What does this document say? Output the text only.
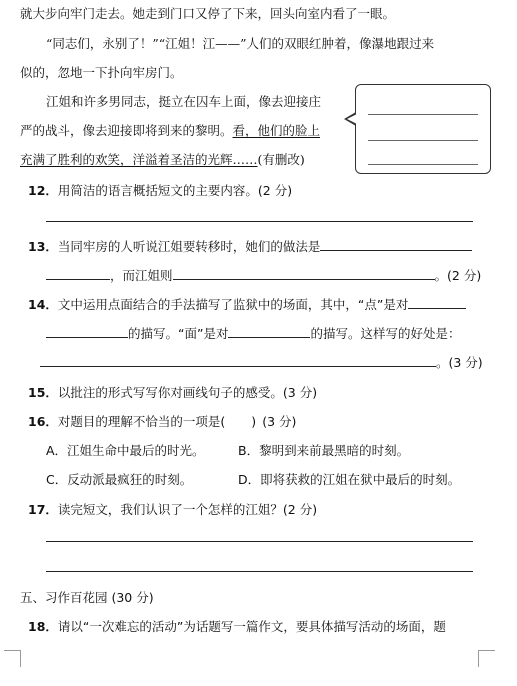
就大步向牢门走去。她走到门口又停了下来，回头向室内看了一眼。
“同志们，永别了！”“江姐！江——”人们的双眼红肿着，像瀑地跟过来
似的，忽地一下扑向牢房门。
江姐和许多男同志，挺立在囚车上面，像去迎接庄
严的战斗，像去迎接即将到来的黎明。看，他们的脸上
充满了胜利的欢笑，洋溢着圣洁的光辉……(有删改)
12．用简洁的语言概括短文的主要内容。(2 分)
13．当同牢房的人听说江姐要转移时，她们的做法是
，而江姐则	。(2 分)
14．文中运用点面结合的手法描写了监狱中的场面，其中，“点”是对
的描写。“面”是对	的描写。这样写的好处是：
。(3 分)
15．以批注的形式写写你对画线句子的感受。(3 分)
16．对题目的理解不恰当的一项是( ) (3 分)
A．江姐生命中最后的时光。	B．黎明到来前最黑暗的时刻。
C．反动派最疯狂的时刻。	D．即将获救的江姐在狱中最后的时刻。
17．读完短文，我们认识了一个怎样的江姐？(2 分)
五、习作百花园 (30 分)
18．请以“一次难忘的活动”为话题写一篇作文，要具体描写活动的场面，题
